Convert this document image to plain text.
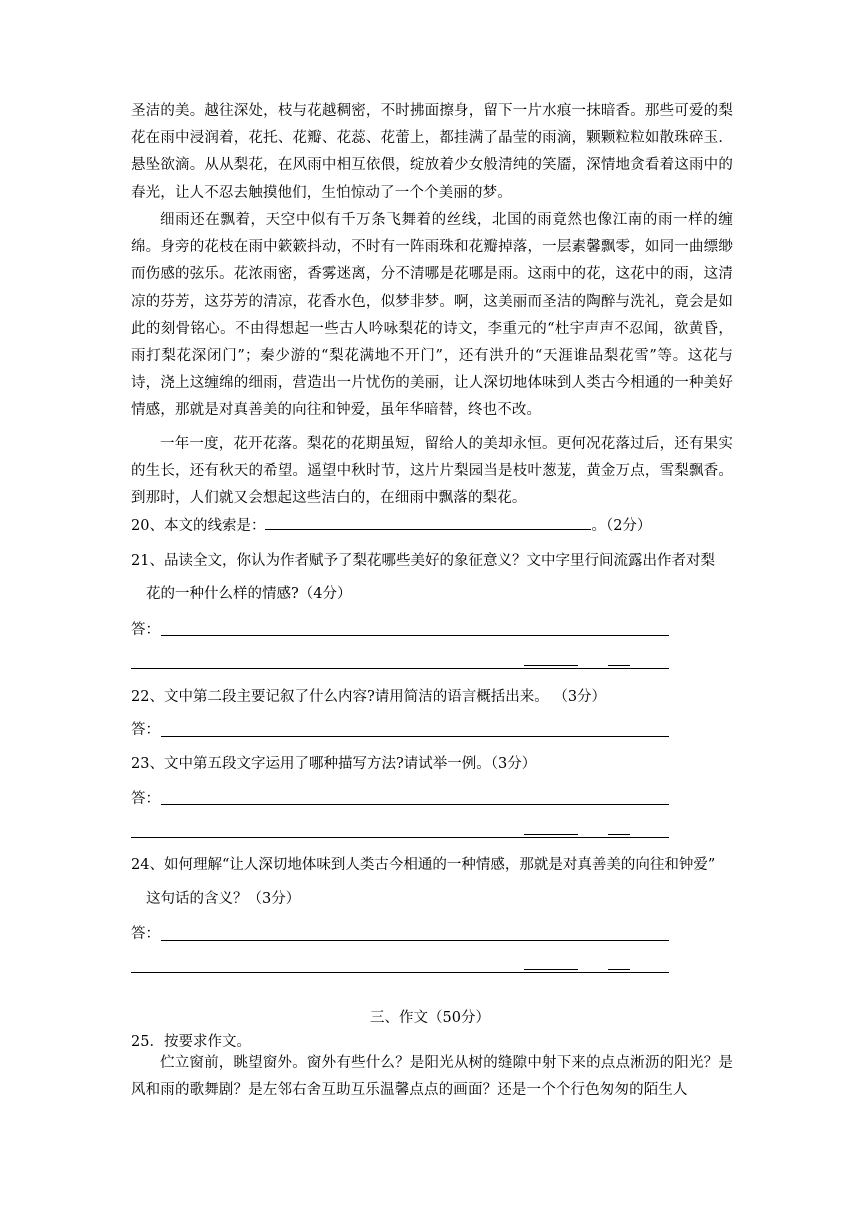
圣洁的美。越往深处，枝与花越稠密，不时拂面擦身，留下一片水痕一抹暗香。那些可爱的梨花在雨中浸润着，花托、花瓣、花蕊、花蕾上，都挂满了晶莹的雨滴，颗颗粒粒如散珠碎玉．悬坠欲滴。从从梨花，在风雨中相互依偎，绽放着少女般清纯的笑靥，深情地贪看着这雨中的春光，让人不忍去触摸他们，生怕惊动了一个个美丽的梦。

细雨还在飘着，天空中似有千万条飞舞着的丝线，北国的雨竟然也像江南的雨一样的缠绵。身旁的花枝在雨中簌簌抖动，不时有一阵雨珠和花瓣掉落，一层素馨飘零，如同一曲缥缈而伤感的弦乐。花浓雨密，香雾迷离，分不清哪是花哪是雨。这雨中的花，这花中的雨，这清凉的芬芳，这芬芳的清凉，花香水色，似梦非梦。啊，这美丽而圣洁的陶醉与洗礼，竟会是如此的刻骨铭心。不由得想起一些古人吟咏梨花的诗文，李重元的“杜宇声声不忍闻，欲黄昏，雨打梨花深闭门”；秦少游的“梨花满地不开门”，还有洪升的“天涯谁品梨花雪”等。这花与诗，浇上这缠绵的细雨，营造出一片忧伤的美丽，让人深切地体味到人类古今相通的一种美好情感，那就是对真善美的向往和钟爱，虽年华暗替，终也不改。

一年一度，花开花落。梨花的花期虽短，留给人的美却永恒。更何况花落过后，还有果实的生长，还有秋天的希望。遥望中秋时节，这片片梨园当是枝叶葱茏，黄金万点，雪梨飘香。到那时，人们就又会想起这些洁白的，在细雨中飘落的梨花。

20、本文的线索是：	。（2分）
21、品读全文，你认为作者赋予了梨花哪些美好的象征意义？文中字里行间流露出作者对梨
花的一种什么样的情感?（4分）
答：
22、文中第二段主要记叙了什么内容?请用简洁的语言概括出来。 （3分）
答：
23、文中第五段文字运用了哪种描写方法?请试举一例。（3分）
答：
24、如何理解“让人深切地体味到人类古今相通的一种情感，那就是对真善美的向往和钟爱”
这句话的含义？（3分）
答：
三、作文（50分）
25．按要求作文。

伫立窗前，眺望窗外。窗外有些什么？是阳光从树的缝隙中射下来的点点淅沥的阳光？是风和雨的歌舞剧？是左邻右舍互助互乐温馨点点的画面？还是一个个行色匆匆的陌生人
